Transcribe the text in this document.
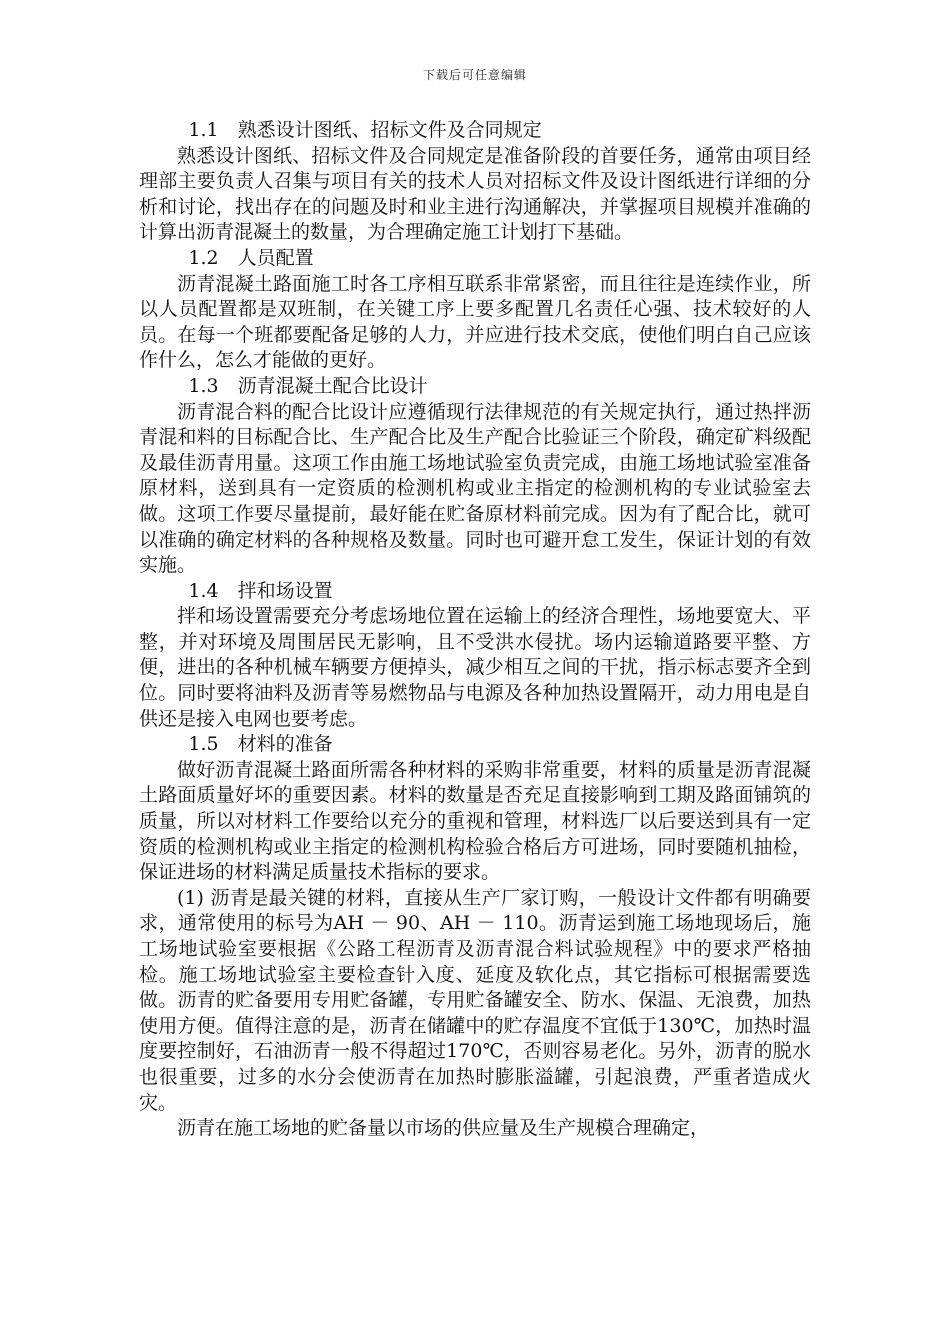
下载后可任意编辑

1.1　熟悉设计图纸、招标文件及合同规定

熟悉设计图纸、招标文件及合同规定是准备阶段的首要任务，通常由项目经理部主要负责人召集与项目有关的技术人员对招标文件及设计图纸进行详细的分析和讨论，找出存在的问题及时和业主进行沟通解决，并掌握项目规模并准确的计算出沥青混凝土的数量，为合理确定施工计划打下基础。

1.2　人员配置

沥青混凝土路面施工时各工序相互联系非常紧密，而且往往是连续作业，所以人员配置都是双班制，在关键工序上要多配置几名责任心强、技术较好的人员。在每一个班都要配备足够的人力，并应进行技术交底，使他们明白自己应该作什么，怎么才能做的更好。

1.3　沥青混凝土配合比设计

沥青混合料的配合比设计应遵循现行法律规范的有关规定执行，通过热拌沥青混和料的目标配合比、生产配合比及生产配合比验证三个阶段，确定矿料级配及最佳沥青用量。这项工作由施工场地试验室负责完成，由施工场地试验室准备原材料，送到具有一定资质的检测机构或业主指定的检测机构的专业试验室去做。这项工作要尽量提前，最好能在贮备原材料前完成。因为有了配合比，就可以准确的确定材料的各种规格及数量。同时也可避开怠工发生，保证计划的有效实施。

1.4　拌和场设置

拌和场设置需要充分考虑场地位置在运输上的经济合理性，场地要宽大、平整，并对环境及周围居民无影响，且不受洪水侵扰。场内运输道路要平整、方便，进出的各种机械车辆要方便掉头，减少相互之间的干扰，指示标志要齐全到位。同时要将油料及沥青等易燃物品与电源及各种加热设置隔开，动力用电是自供还是接入电网也要考虑。

1.5　材料的准备

做好沥青混凝土路面所需各种材料的采购非常重要，材料的质量是沥青混凝土路面质量好坏的重要因素。材料的数量是否充足直接影响到工期及路面铺筑的质量，所以对材料工作要给以充分的重视和管理，材料选厂以后要送到具有一定资质的检测机构或业主指定的检测机构检验合格后方可进场，同时要随机抽检，保证进场的材料满足质量技术指标的要求。

(1) 沥青是最关键的材料，直接从生产厂家订购，一般设计文件都有明确要求，通常使用的标号为AH － 90、AH － 110。沥青运到施工场地现场后，施工场地试验室要根据《公路工程沥青及沥青混合料试验规程》中的要求严格抽检。施工场地试验室主要检查针入度、延度及软化点，其它指标可根据需要选做。沥青的贮备要用专用贮备罐，专用贮备罐安全、防水、保温、无浪费，加热使用方便。值得注意的是，沥青在储罐中的贮存温度不宜低于130℃，加热时温度要控制好，石油沥青一般不得超过170℃，否则容易老化。另外，沥青的脱水也很重要，过多的水分会使沥青在加热时膨胀溢罐，引起浪费，严重者造成火灾。

沥青在施工场地的贮备量以市场的供应量及生产规模合理确定，
